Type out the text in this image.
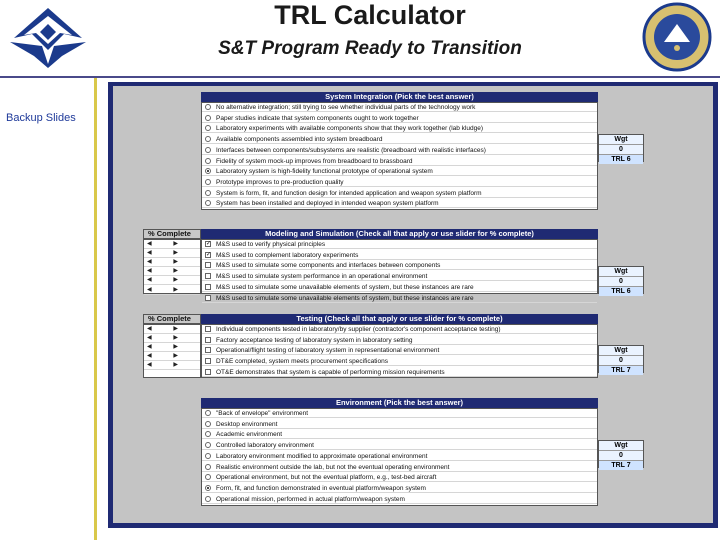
TRL Calculator
S&T Program Ready to Transition
Backup Slides
System Integration (Pick the best answer)
No alternative integration; still trying to see whether individual parts of the technology work
Paper studies indicate that system components ought to work together
Laboratory experiments with available components show that they work together (lab kludge)
Available components assembled into system breadboard
Interfaces between components/subsystems are realistic (breadboard with realistic interfaces)
Fidelity of system mock-up improves from breadboard to brassboard
Laboratory system is high-fidelity functional prototype of operational system
Prototype improves to pre-production quality
System is form, fit, and function design for intended application and weapon system platform
System has been installed and deployed in intended weapon system platform
Wgt
0
TRL 6
% Complete
◀	▶
◀	▶
◀	▶
◀	▶
◀	▶
◀	▶
Modeling and Simulation (Check all that apply or use slider for % complete)
✓ M&S used to verify physical principles
✓ M&S used to complement laboratory experiments
M&S used to simulate some components and interfaces between components
M&S used to simulate system performance in an operational environment
M&S used to simulate some unavailable elements of system, but these instances are rare
M&S used to simulate some unavailable elements of system, but these instances are rare
Wgt
0
TRL 6
% Complete
◀	▶
◀	▶
◀	▶
◀	▶
◀	▶
Testing (Check all that apply or use slider for % complete)
Individual components tested in laboratory/by supplier (contractor's component acceptance testing)
Factory acceptance testing of laboratory system in laboratory setting
Operational/flight testing of laboratory system in representational environment
DT&E completed, system meets procurement specifications
OT&E demonstrates that system is capable of performing mission requirements
Wgt
0
TRL 7
Environment (Pick the best answer)
"Back of envelope" environment
Desktop environment
Academic environment
Controlled laboratory environment
Laboratory environment modified to approximate operational environment
Realistic environment outside the lab, but not the eventual operating environment
Operational environment, but not the eventual platform, e.g., test-bed aircraft
Form, fit, and function demonstrated in eventual platform/weapon system
Operational mission, performed in actual platform/weapon system
Wgt
0
TRL 7
